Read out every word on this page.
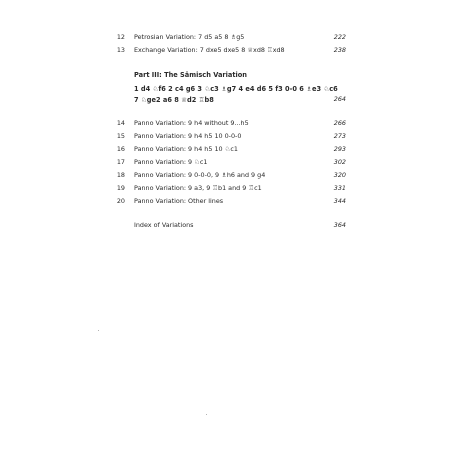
12 Petrosian Variation: 7 d5 a5 8 ♗g5	222
13 Exchange Variation: 7 dxe5 dxe5 8 ♕xd8 ♖xd8	238
Part III: The Sämisch Variation
1 d4 ♘f6 2 c4 g6 3 ♘c3 ♗g7 4 e4 d6 5 f3 0-0 6 ♗e3 ♘c6
7 ♘ge2 a6 8 ♕d2 ♖b8	264
14 Panno Variation: 9 h4 without 9...h5	266
15 Panno Variation: 9 h4 h5 10 0-0-0	273
16 Panno Variation: 9 h4 h5 10 ♘c1	293
17 Panno Variation: 9 ♘c1	302
18 Panno Variation: 9 0-0-0, 9 ♗h6 and 9 g4	320
19 Panno Variation: 9 a3, 9 ♖b1 and 9 ♖c1	331
20 Panno Variation: Other lines	344
Index of Variations	364
